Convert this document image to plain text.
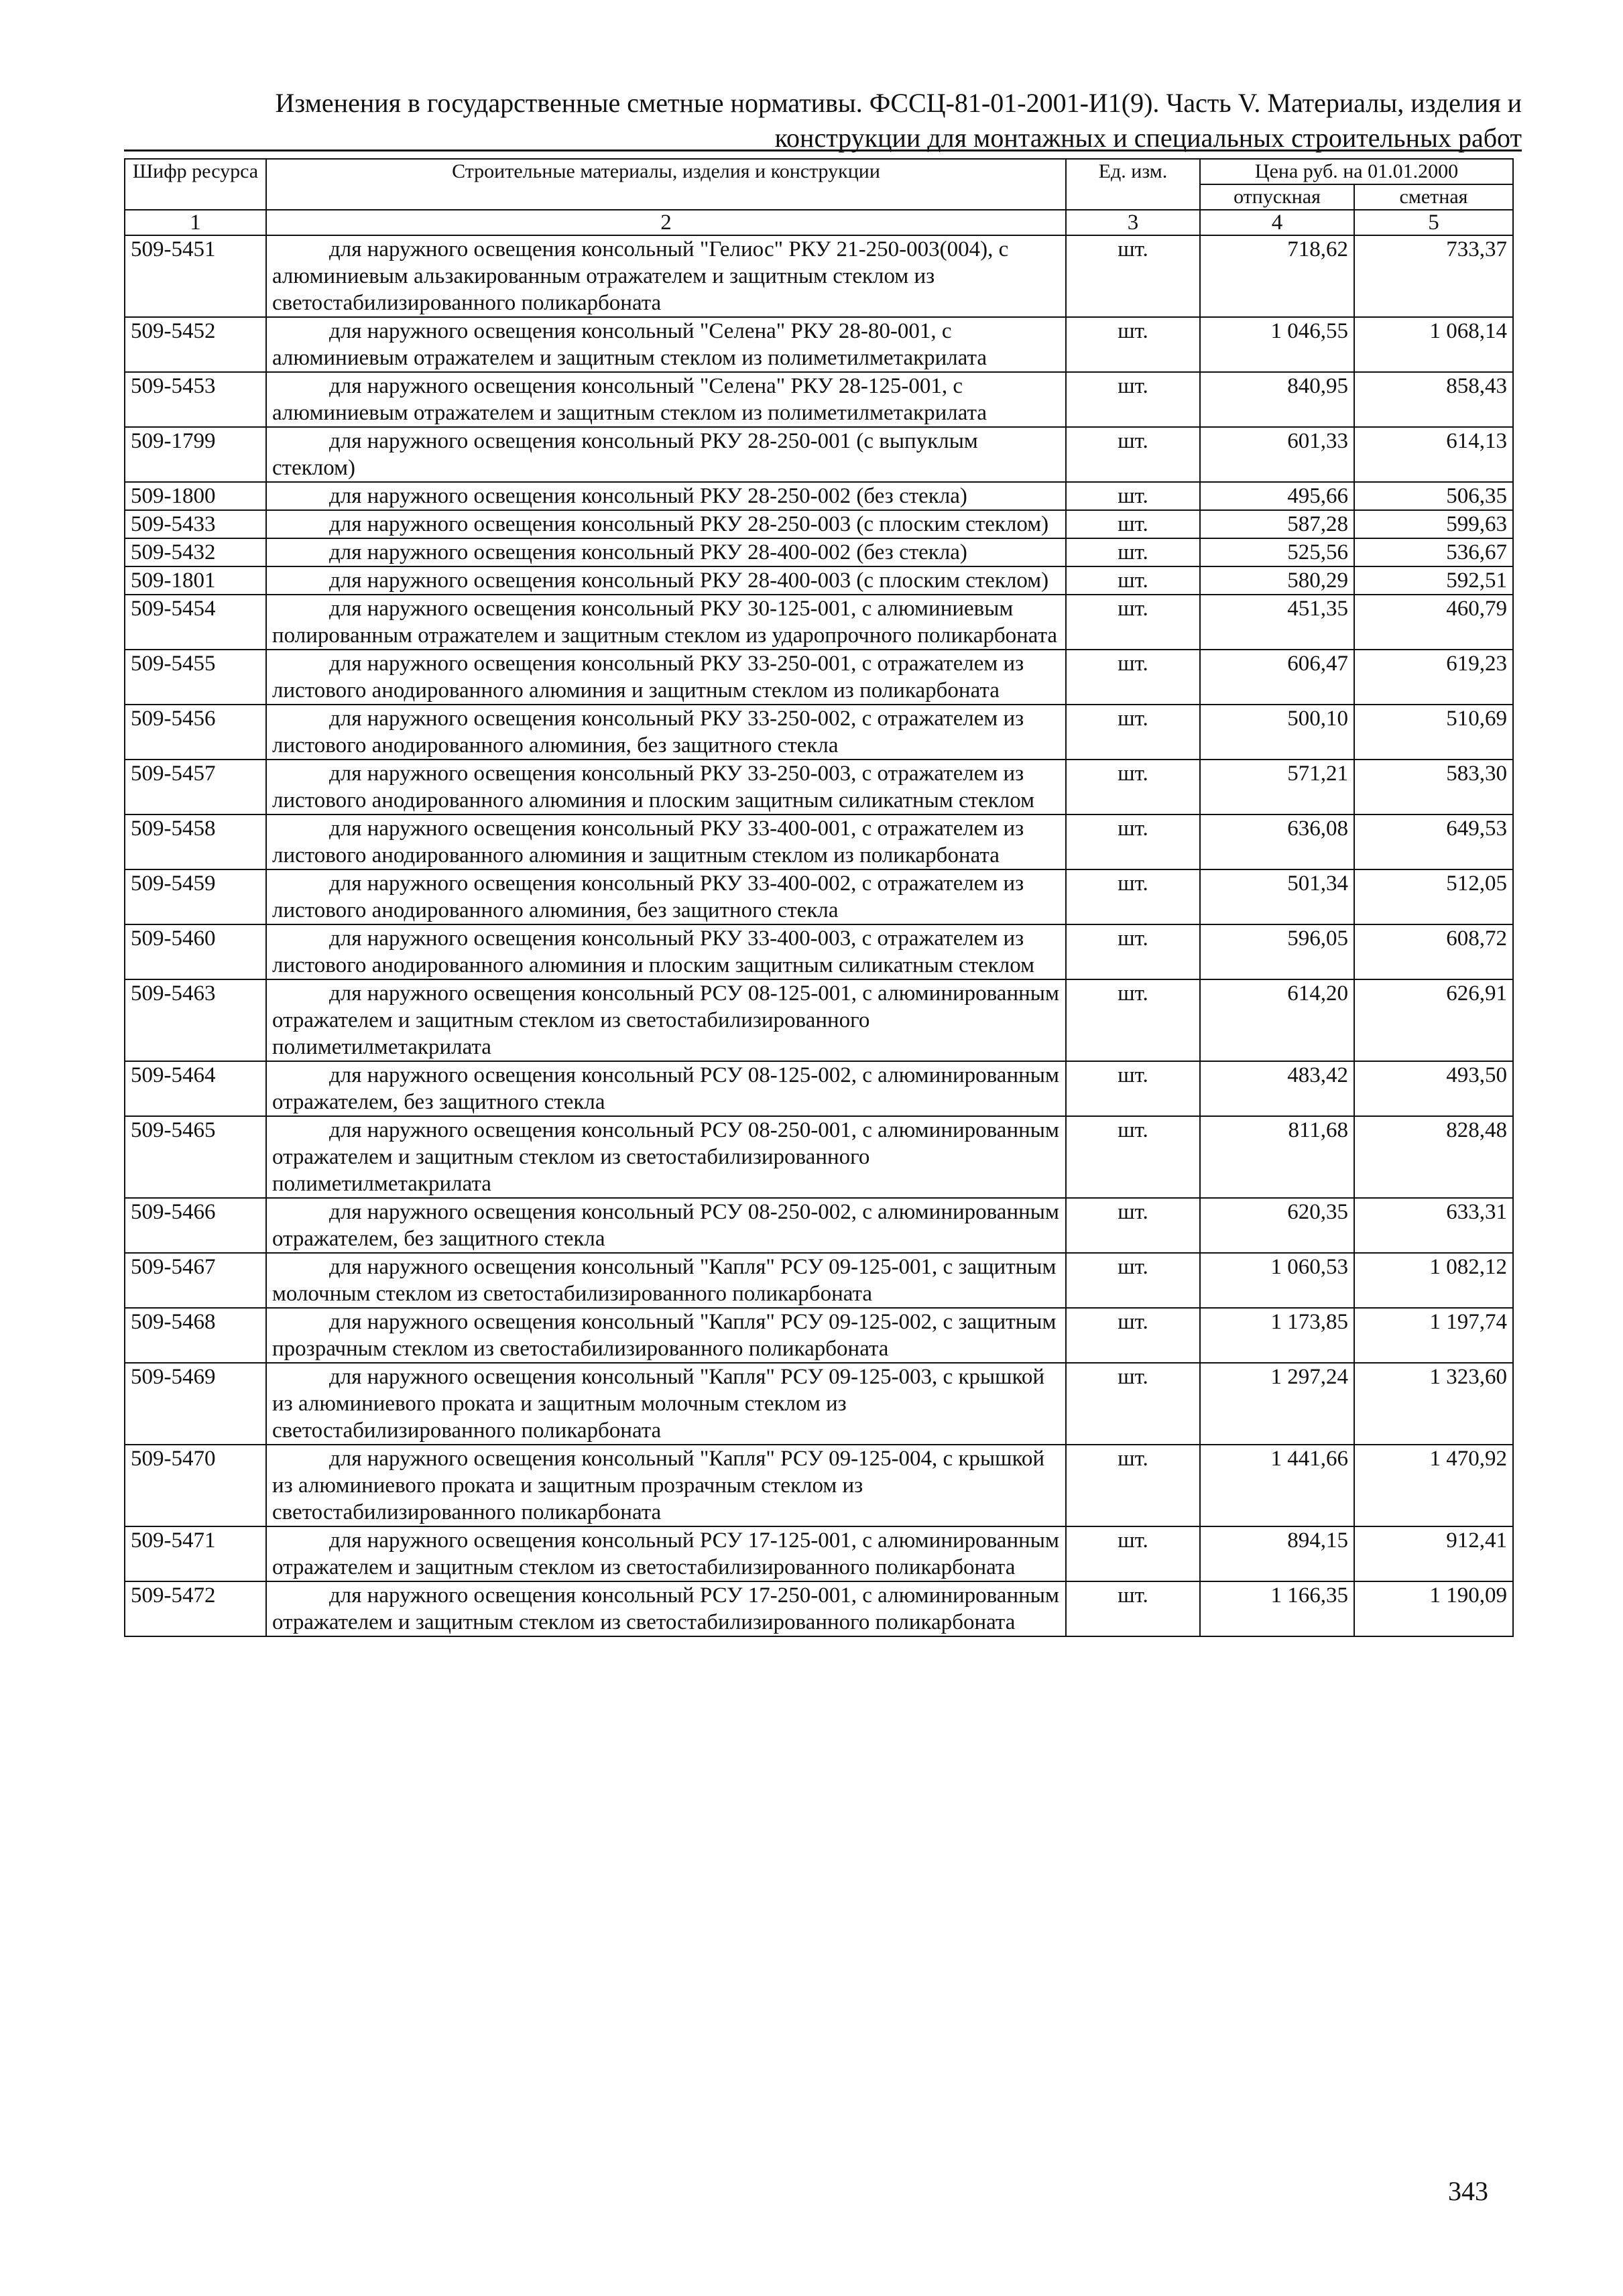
Изменения в государственные сметные нормативы. ФССЦ-81-01-2001-И1(9). Часть V. Материалы, изделия и
конструкции для монтажных и специальных строительных работ
Шифр ресурса	Строительные материалы, изделия и конструкции	Ед. изм.	Цена руб. на 01.01.2000	
			отпускная	сметная
1	2	3	4	5
509-5451	для наружного освещения консольный "Гелиос" РКУ 21-250-003(004), с алюминиевым альзакированным отражателем и защитным стеклом из светостабилизированного поликарбоната	шт.	718,62	733,37
509-5452	для наружного освещения консольный "Селена" РКУ 28-80-001, с алюминиевым отражателем и защитным стеклом из полиметилметакрилата	шт.	1 046,55	1 068,14
509-5453	для наружного освещения консольный "Селена" РКУ 28-125-001, с алюминиевым отражателем и защитным стеклом из полиметилметакрилата	шт.	840,95	858,43
509-1799	для наружного освещения консольный РКУ 28-250-001 (с выпуклым стеклом)	шт.	601,33	614,13
509-1800	для наружного освещения консольный РКУ 28-250-002 (без стекла)	шт.	495,66	506,35
509-5433	для наружного освещения консольный РКУ 28-250-003 (с плоским стеклом)	шт.	587,28	599,63
509-5432	для наружного освещения консольный РКУ 28-400-002 (без стекла)	шт.	525,56	536,67
509-1801	для наружного освещения консольный РКУ 28-400-003 (с плоским стеклом)	шт.	580,29	592,51
509-5454	для наружного освещения консольный РКУ 30-125-001, с алюминиевым полированным отражателем и защитным стеклом из ударопрочного поликарбоната	шт.	451,35	460,79
509-5455	для наружного освещения консольный РКУ 33-250-001, с отражателем из листового анодированного алюминия и защитным стеклом из поликарбоната	шт.	606,47	619,23
509-5456	для наружного освещения консольный РКУ 33-250-002, с отражателем из листового анодированного алюминия, без защитного стекла	шт.	500,10	510,69
509-5457	для наружного освещения консольный РКУ 33-250-003, с отражателем из листового анодированного алюминия и плоским защитным силикатным стеклом	шт.	571,21	583,30
509-5458	для наружного освещения консольный РКУ 33-400-001, с отражателем из листового анодированного алюминия и защитным стеклом из поликарбоната	шт.	636,08	649,53
509-5459	для наружного освещения консольный РКУ 33-400-002, с отражателем из листового анодированного алюминия, без защитного стекла	шт.	501,34	512,05
509-5460	для наружного освещения консольный РКУ 33-400-003, с отражателем из листового анодированного алюминия и плоским защитным силикатным стеклом	шт.	596,05	608,72
509-5463	для наружного освещения консольный РСУ 08-125-001, с алюминированным отражателем и защитным стеклом из светостабилизированного полиметилметакрилата	шт.	614,20	626,91
509-5464	для наружного освещения консольный РСУ 08-125-002, с алюминированным отражателем, без защитного стекла	шт.	483,42	493,50
509-5465	для наружного освещения консольный РСУ 08-250-001, с алюминированным отражателем и защитным стеклом из светостабилизированного полиметилметакрилата	шт.	811,68	828,48
509-5466	для наружного освещения консольный РСУ 08-250-002, с алюминированным отражателем, без защитного стекла	шт.	620,35	633,31
509-5467	для наружного освещения консольный "Капля" РСУ 09-125-001, с защитным молочным стеклом из светостабилизированного поликарбоната	шт.	1 060,53	1 082,12
509-5468	для наружного освещения консольный "Капля" РСУ 09-125-002, с защитным прозрачным стеклом из светостабилизированного поликарбоната	шт.	1 173,85	1 197,74
509-5469	для наружного освещения консольный "Капля" РСУ 09-125-003, с крышкой из алюминиевого проката и защитным молочным стеклом из светостабилизированного поликарбоната	шт.	1 297,24	1 323,60
509-5470	для наружного освещения консольный "Капля" РСУ 09-125-004, с крышкой из алюминиевого проката и защитным прозрачным стеклом из светостабилизированного поликарбоната	шт.	1 441,66	1 470,92
509-5471	для наружного освещения консольный РСУ 17-125-001, с алюминированным отражателем и защитным стеклом из светостабилизированного поликарбоната	шт.	894,15	912,41
509-5472	для наружного освещения консольный РСУ 17-250-001, с алюминированным отражателем и защитным стеклом из светостабилизированного поликарбоната	шт.	1 166,35	1 190,09
343
